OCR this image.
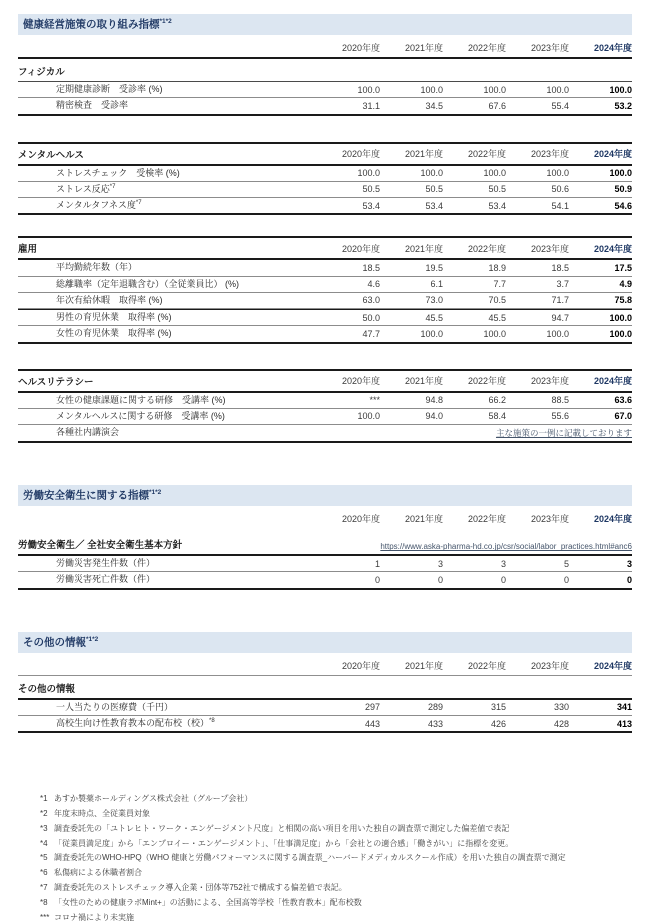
健康経営施策の取り組み指標$^{*1*2}$
2020年度	2021年度	2022年度	2023年度	2024年度
フィジカル
定期健康診断　受診率 (%)	100.0	100.0	100.0	100.0	100.0
精密検査　受診率	31.1	34.5	67.6	55.4	53.2
メンタルヘルス	2020年度	2021年度	2022年度	2023年度	2024年度
ストレスチェック　受検率 (%)	100.0	100.0	100.0	100.0	100.0
ストレス反応$^{*7}$	50.5	50.5	50.5	50.6	50.9
メンタルタフネス度$^{*7}$	53.4	53.4	53.4	54.1	54.6
雇用	2020年度	2021年度	2022年度	2023年度	2024年度
平均勤続年数（年）	18.5	19.5	18.9	18.5	17.5
総離職率（定年退職含む）（全従業員比） (%)	4.6	6.1	7.7	3.7	4.9
年次有給休暇　取得率 (%)	63.0	73.0	70.5	71.7	75.8
男性の育児休業　取得率 (%)	50.0	45.5	45.5	94.7	100.0
女性の育児休業　取得率 (%)	47.7	100.0	100.0	100.0	100.0
ヘルスリテラシー	2020年度	2021年度	2022年度	2023年度	2024年度
女性の健康課題に関する研修　受講率 (%)	***	94.8	66.2	88.5	63.6
メンタルヘルスに関する研修　受講率 (%)	100.0	94.0	58.4	55.6	67.0
各種社内講演会	主な施策の一例に記載しております
労働安全衛生に関する指標$^{*1*2}$
2020年度	2021年度	2022年度	2023年度	2024年度
労働安全衛生／ 全社安全衛生基本方針	https://www.aska-pharma-hd.co.jp/csr/social/labor_practices.html#anc6
労働災害発生件数（件）	1	3	3	5	3
労働災害死亡件数（件）	0	0	0	0	0
その他の情報$^{*1*2}$
2020年度	2021年度	2022年度	2023年度	2024年度
その他の情報
一人当たりの医療費（千円）	297	289	315	330	341
高校生向け性教育教本の配布校（校）$^{*8}$	443	433	426	428	413
*1 あすか製薬ホールディングス株式会社（グループ会社）
*2 年度末時点、全従業員対象
*3 調査委託先の「ユトレヒト・ワーク・エンゲージメント尺度」と相関の高い項目を用いた独自の調査票で測定した偏差値で表記
*4 「従業員満足度」から「エンプロイー・エンゲージメント」、「仕事満足度」から「会社との適合感」「働きがい」に指標を変更。
*5 調査委託先のWHO-HPQ（WHO 健康と労働パフォーマンスに関する調査票_ハーバードメディカルスクール作成）を用いた独自の調査票で測定
*6 私傷病による休職者割合
*7 調査委託先のストレスチェック導入企業・団体等752社で構成する偏差値で表記。
*8 「女性のための健康ラボMint+」の活動による、全国高等学校「性教育教本」配布校数
*** コロナ禍により未実施
